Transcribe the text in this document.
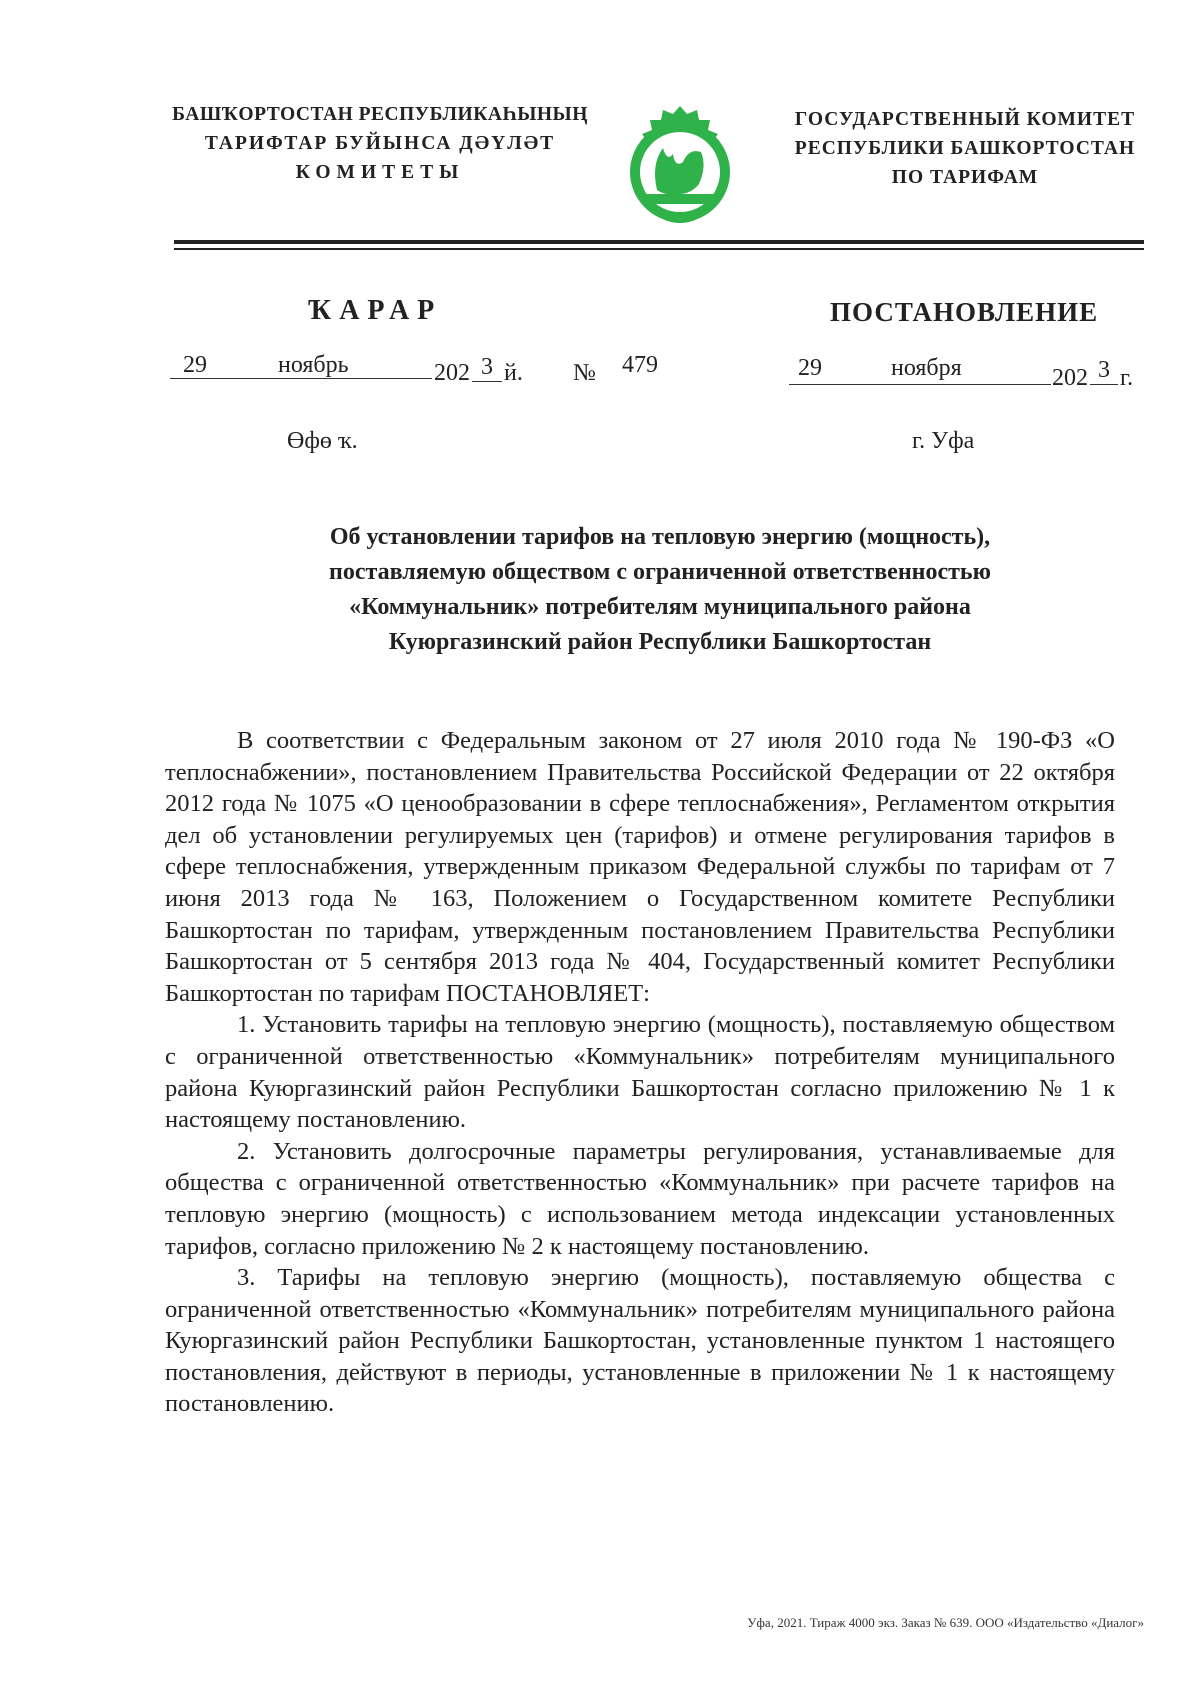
БАШҠОРТОСТАН РЕСПУБЛИКАҺЫНЫҢ
ТАРИФТАР БУЙЫНСА ДӘҮЛӘТ
КОМИТЕТЫ
ГОСУДАРСТВЕННЫЙ КОМИТЕТ
РЕСПУБЛИКИ БАШКОРТОСТАН
ПО ТАРИФАМ
ҠАРАР	ПОСТАНОВЛЕНИЕ
29	ноябрь	202 3 й. № 479	29	ноября	202 3 г.
Өфө ҡ.	г. Уфа
Об установлении тарифов на тепловую энергию (мощность),
поставляемую обществом с ограниченной ответственностью
«Коммунальник» потребителям муниципального района
Куюргазинский район Республики Башкортостан

В соответствии с Федеральным законом от 27 июля 2010 года № 190-ФЗ «О теплоснабжении», постановлением Правительства Российской Федерации от 22 октября 2012 года № 1075 «О ценообразовании в сфере теплоснабжения», Регламентом открытия дел об установлении регулируемых цен (тарифов) и отмене регулирования тарифов в сфере теплоснабжения, утвержденным приказом Федеральной службы по тарифам от 7 июня 2013 года № 163, Положением о Государственном комитете Республики Башкортостан по тарифам, утвержденным постановлением Правительства Республики Башкортостан от 5 сентября 2013 года № 404, Государственный комитет Республики Башкортостан по тарифам ПОСТАНОВЛЯЕТ:

1. Установить тарифы на тепловую энергию (мощность), поставляемую обществом с ограниченной ответственностью «Коммунальник» потребителям муниципального района Куюргазинский район Республики Башкортостан согласно приложению № 1 к настоящему постановлению.

2. Установить долгосрочные параметры регулирования, устанавливаемые для общества с ограниченной ответственностью «Коммунальник» при расчете тарифов на тепловую энергию (мощность) с использованием метода индексации установленных тарифов, согласно приложению № 2 к настоящему постановлению.

3. Тарифы на тепловую энергию (мощность), поставляемую общества с ограниченной ответственностью «Коммунальник» потребителям муниципального района Куюргазинский район Республики Башкортостан, установленные пунктом 1 настоящего постановления, действуют в периоды, установленные в приложении № 1 к настоящему постановлению.

Уфа, 2021. Тираж 4000 экз. Заказ № 639. ООО «Издательство «Диалог»
